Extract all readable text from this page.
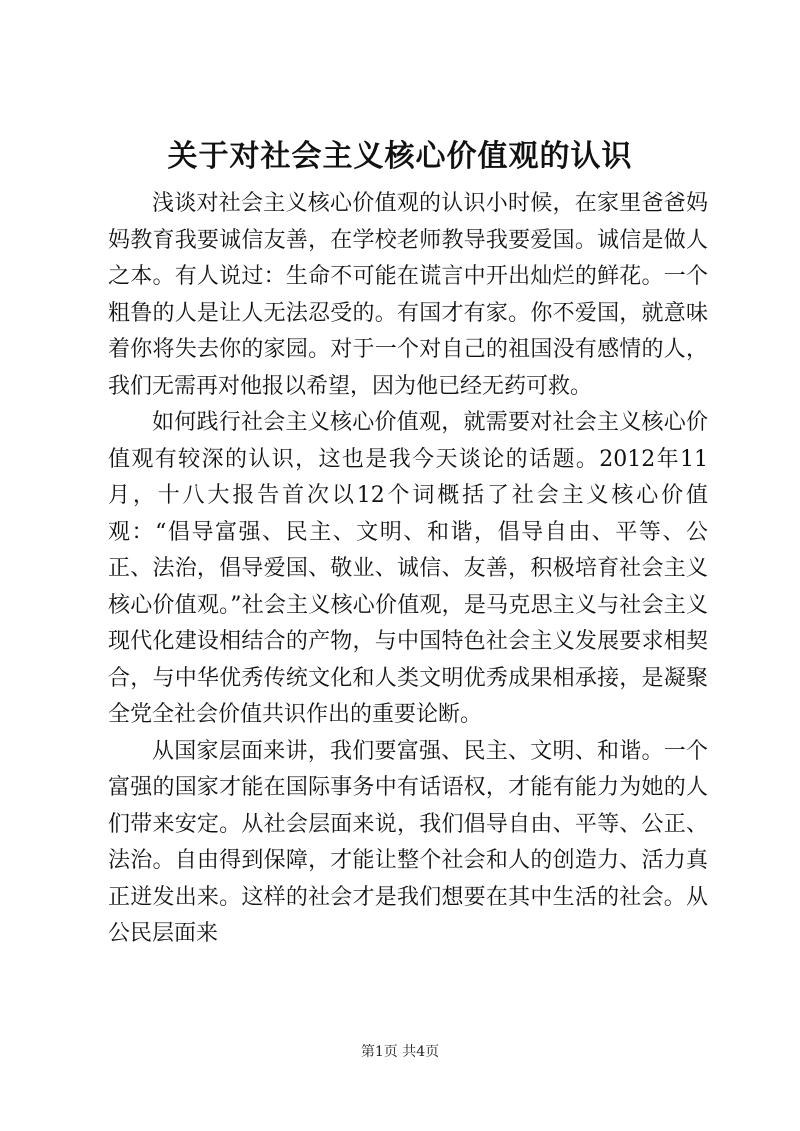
关于对社会主义核心价值观的认识

浅谈对社会主义核心价值观的认识小时候，在家里爸爸妈妈教育我要诚信友善，在学校老师教导我要爱国。诚信是做人之本。有人说过：生命不可能在谎言中开出灿烂的鲜花。一个粗鲁的人是让人无法忍受的。有国才有家。你不爱国，就意味着你将失去你的家园。对于一个对自己的祖国没有感情的人，我们无需再对他报以希望，因为他已经无药可救。

如何践行社会主义核心价值观，就需要对社会主义核心价值观有较深的认识，这也是我今天谈论的话题。2012年11月，十八大报告首次以12个词概括了社会主义核心价值观：“倡导富强、民主、文明、和谐，倡导自由、平等、公正、法治，倡导爱国、敬业、诚信、友善，积极培育社会主义核心价值观。”社会主义核心价值观，是马克思主义与社会主义现代化建设相结合的产物，与中国特色社会主义发展要求相契合，与中华优秀传统文化和人类文明优秀成果相承接，是凝聚全党全社会价值共识作出的重要论断。

从国家层面来讲，我们要富强、民主、文明、和谐。一个富强的国家才能在国际事务中有话语权，才能有能力为她的人们带来安定。从社会层面来说，我们倡导自由、平等、公正、法治。自由得到保障，才能让整个社会和人的创造力、活力真正迸发出来。这样的社会才是我们想要在其中生活的社会。从公民层面来

第1页 共4页
